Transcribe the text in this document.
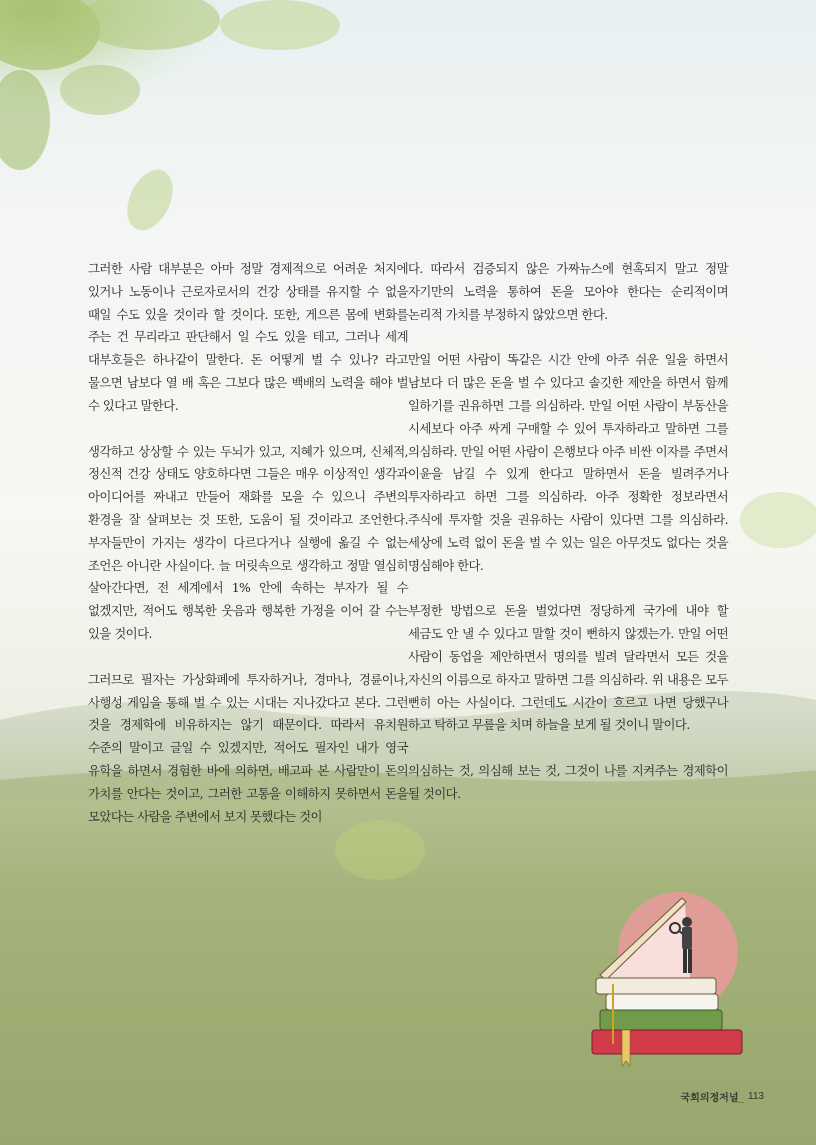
그러한 사람 대부분은 아마 정말 경제적으로 어려운 처지에 있거나 노동이나 근로자로서의 건강 상태를 유지할 수 없을 때일 수도 있을 것이라 할 것이다. 또한, 게으른 몸에 변화를 주는 건 무리라고 판단해서 일 수도 있을 테고, 그러나 세계 대부호들은 하나같이 말한다. 돈 어떻게 벌 수 있나? 라고 물으면 남보다 열 배 혹은 그보다 많은 백배의 노력을 해야 벌 수 있다고 말한다.

생각하고 상상할 수 있는 두뇌가 있고, 지혜가 있으며, 신체적, 정신적 건강 상태도 양호하다면 그들은 매우 이상적인 생각과 아이디어를 짜내고 만들어 재화를 모을 수 있으니 주변의 환경을 잘 살펴보는 것 또한, 도움이 될 것이라고 조언한다. 부자들만이 가지는 생각이 다르다거나 실행에 옮길 수 없는 조언은 아니란 사실이다. 늘 머릿속으로 생각하고 정말 열심히 살아간다면, 전 세계에서 1% 안에 속하는 부자가 될 수 없겠지만, 적어도 행복한 웃음과 행복한 가정을 이어 갈 수는 있을 것이다.

그러므로 필자는 가상화폐에 투자하거나, 경마나, 경륜이나, 사행성 게임을 통해 벌 수 있는 시대는 지나갔다고 본다. 그런 것을 경제학에 비유하지는 않기 때문이다. 따라서 유치원 수준의 말이고 글일 수 있겠지만, 적어도 필자인 내가 영국 유학을 하면서 경험한 바에 의하면, 배고파 본 사람만이 돈의 가치를 안다는 것이고, 그러한 고통을 이해하지 못하면서 돈을 모았다는 사람을 주변에서 보지 못했다는 것이

다. 따라서 검증되지 않은 가짜뉴스에 현혹되지 말고 정말 자기만의 노력을 통하여 돈을 모아야 한다는 순리적이며 논리적 가치를 부정하지 않았으면 한다.

만일 어떤 사람이 똑같은 시간 안에 아주 쉬운 일을 하면서 남보다 더 많은 돈을 벌 수 있다고 솔깃한 제안을 하면서 함께 일하기를 권유하면 그를 의심하라. 만일 어떤 사람이 부동산을 시세보다 아주 싸게 구매할 수 있어 투자하라고 말하면 그를 의심하라. 만일 어떤 사람이 은행보다 아주 비싼 이자를 주면서 이윤을 남길 수 있게 한다고 말하면서 돈을 빌려주거나 투자하라고 하면 그를 의심하라. 아주 정확한 정보라면서 주식에 투자할 것을 권유하는 사람이 있다면 그를 의심하라. 세상에 노력 없이 돈을 벌 수 있는 일은 아무것도 없다는 것을 명심해야 한다.

부정한 방법으로 돈을 벌었다면 정당하게 국가에 내야 할 세금도 안 낼 수 있다고 말할 것이 뻔하지 않겠는가. 만일 어떤 사람이 동업을 제안하면서 명의를 빌려 달라면서 모든 것을 자신의 이름으로 하자고 말하면 그를 의심하라. 위 내용은 모두 뻔히 아는 사실이다. 그런데도 시간이 흐르고 나면 당했구나 하고 탁하고 무릎을 치며 하늘을 보게 될 것이니 말이다.

의심하는 것, 의심해 보는 것, 그것이 나를 지켜주는 경제학이 될 것이다.

국회의정저널_ 113
